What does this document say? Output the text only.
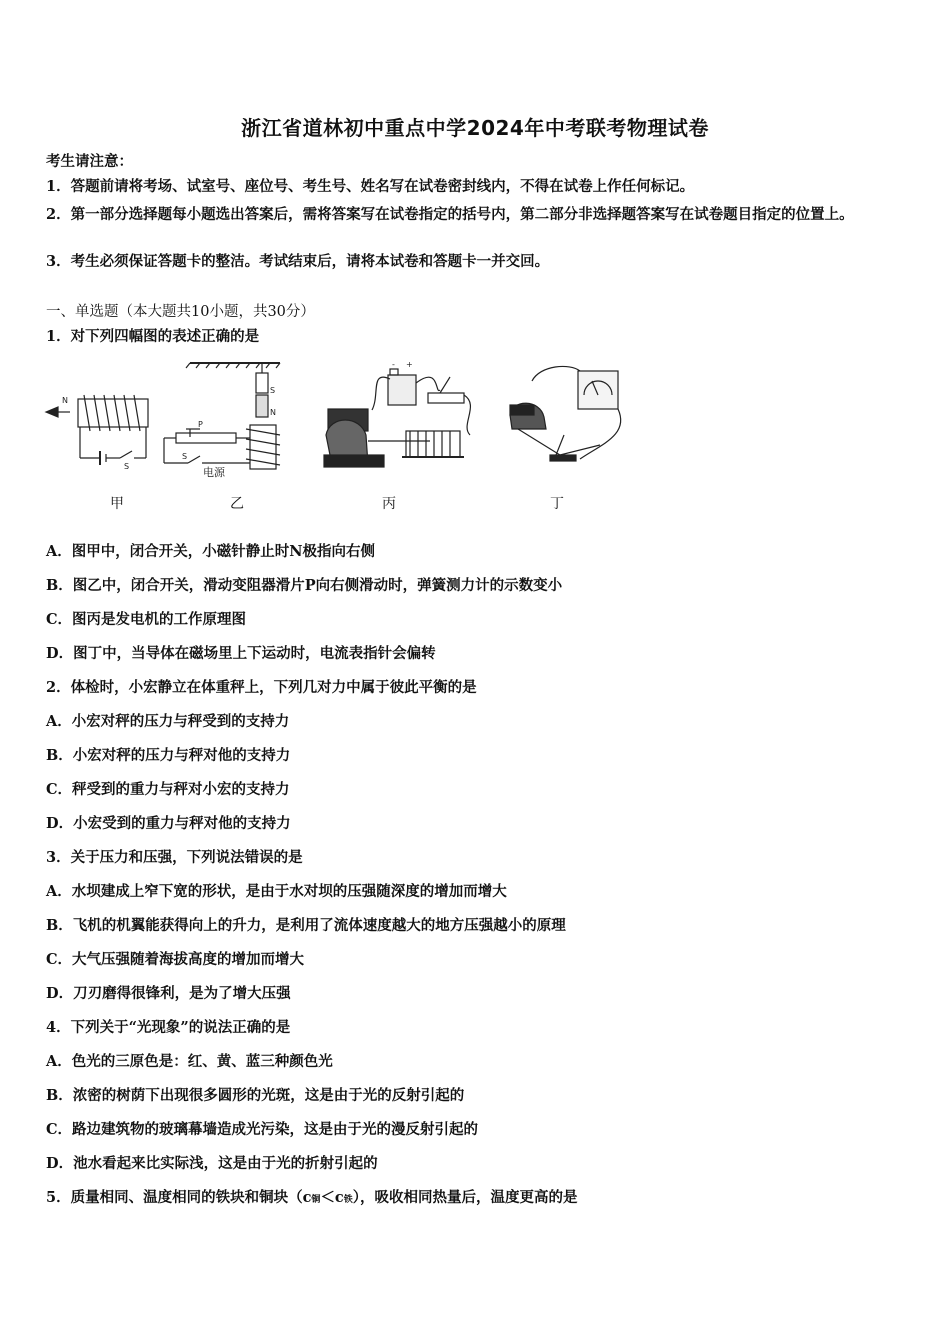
浙江省道林初中重点中学2024年中考联考物理试卷
考生请注意：
1．答题前请将考场、试室号、座位号、考生号、姓名写在试卷密封线内，不得在试卷上作任何标记。
2．第一部分选择题每小题选出答案后，需将答案写在试卷指定的括号内，第二部分非选择题答案写在试卷题目指定的位置上。
3．考生必须保证答题卡的整洁。考试结束后，请将本试卷和答题卡一并交回。
一、单选题（本大题共10小题，共30分）
1．对下列四幅图的表述正确的是
N
S
S
N
P
S
电源
+
-
甲	乙	丙	丁
A．图甲中，闭合开关，小磁针静止时N极指向右侧
B．图乙中，闭合开关，滑动变阻器滑片P向右侧滑动时，弹簧测力计的示数变小
C．图丙是发电机的工作原理图
D．图丁中，当导体在磁场里上下运动时，电流表指针会偏转
2．体检时，小宏静立在体重秤上，下列几对力中属于彼此平衡的是
A．小宏对秤的压力与秤受到的支持力
B．小宏对秤的压力与秤对他的支持力
C．秤受到的重力与秤对小宏的支持力
D．小宏受到的重力与秤对他的支持力
3．关于压力和压强，下列说法错误的是
A．水坝建成上窄下宽的形状，是由于水对坝的压强随深度的增加而增大
B．飞机的机翼能获得向上的升力，是利用了流体速度越大的地方压强越小的原理
C．大气压强随着海拔高度的增加而增大
D．刀刃磨得很锋利，是为了增大压强
4．下列关于“光现象”的说法正确的是
A．色光的三原色是：红、黄、蓝三种颜色光
B．浓密的树荫下出现很多圆形的光斑，这是由于光的反射引起的
C．路边建筑物的玻璃幕墙造成光污染，这是由于光的漫反射引起的
D．池水看起来比实际浅，这是由于光的折射引起的
5．质量相同、温度相同的铁块和铜块（c铜＜c铁），吸收相同热量后，温度更高的是
